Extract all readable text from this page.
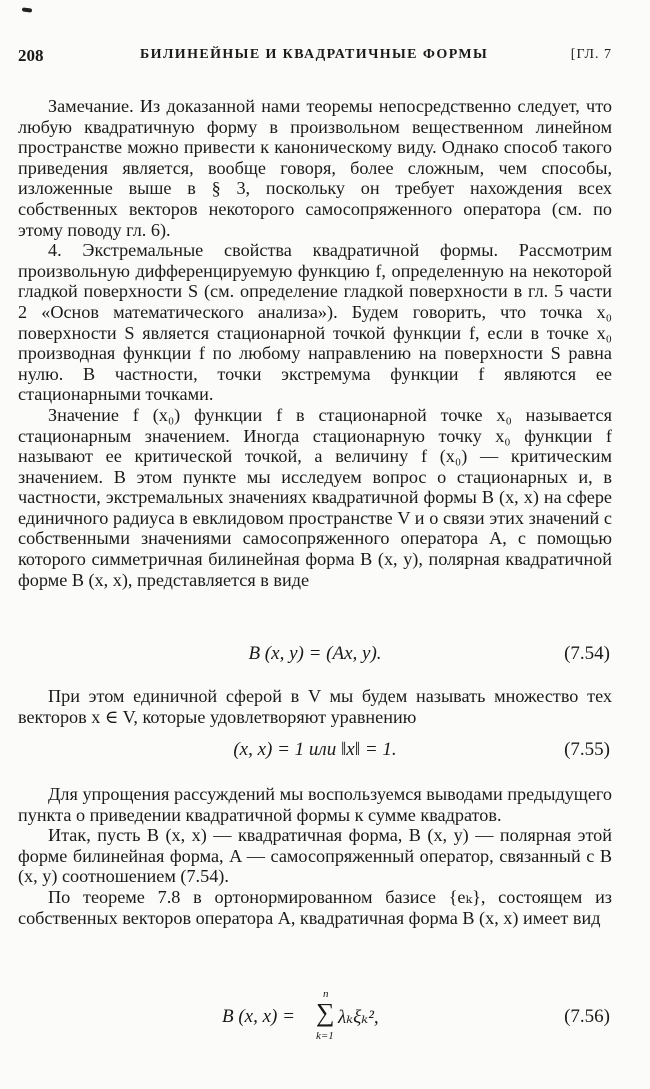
208	БИЛИНЕЙНЫЕ И КВАДРАТИЧНЫЕ ФОРМЫ	[ГЛ. 7

Замечание. Из доказанной нами теоремы непосредственно следует, что любую квадратичную форму в произвольном вещественном линейном пространстве можно привести к каноническому виду. Однако способ такого приведения является, вообще говоря, более сложным, чем способы, изложенные выше в § 3, поскольку он требует нахождения всех собственных векторов некоторого самосопряженного оператора (см. по этому поводу гл. 6).

4. Экстремальные свойства квадратичной формы. Рассмотрим произвольную дифференцируемую функцию f, определенную на некоторой гладкой поверхности S (см. определение гладкой поверхности в гл. 5 части 2 «Основ математического анализа»). Будем говорить, что точка x₀ поверхности S является стационарной точкой функции f, если в точке x₀ производная функции f по любому направлению на поверхности S равна нулю. В частности, точки экстремума функции f являются ее стационарными точками.

Значение f (x₀) функции f в стационарной точке x₀ называется стационарным значением. Иногда стационарную точку x₀ функции f называют ее критической точкой, а величину f (x₀) — критическим значением. В этом пункте мы исследуем вопрос о стационарных и, в частности, экстремальных значениях квадратичной формы B (x, x) на сфере единичного радиуса в евклидовом пространстве V и о связи этих значений с собственными значениями самосопряженного оператора A, с помощью которого симметричная билинейная форма B (x, y), полярная квадратичной форме B (x, x), представляется в виде

B (x, y) = (Ax, y).	(7.54)

При этом единичной сферой в V мы будем называть множество тех векторов x ∈ V, которые удовлетворяют уравнению

(x, x) = 1 или ‖x‖ = 1.	(7.55)

Для упрощения рассуждений мы воспользуемся выводами предыдущего пункта о приведении квадратичной формы к сумме квадратов.

Итак, пусть B (x, x) — квадратичная форма, B (x, y) — полярная этой форме билинейная форма, A — самосопряженный оператор, связанный с B (x, y) соотношением (7.54).

По теореме 7.8 в ортонормированном базисе {eₖ}, состоящем из собственных векторов оператора A, квадратичная форма B (x, x) имеет вид

B (x, x) =
n
∑
k=1
λₖξₖ²,	(7.56)
